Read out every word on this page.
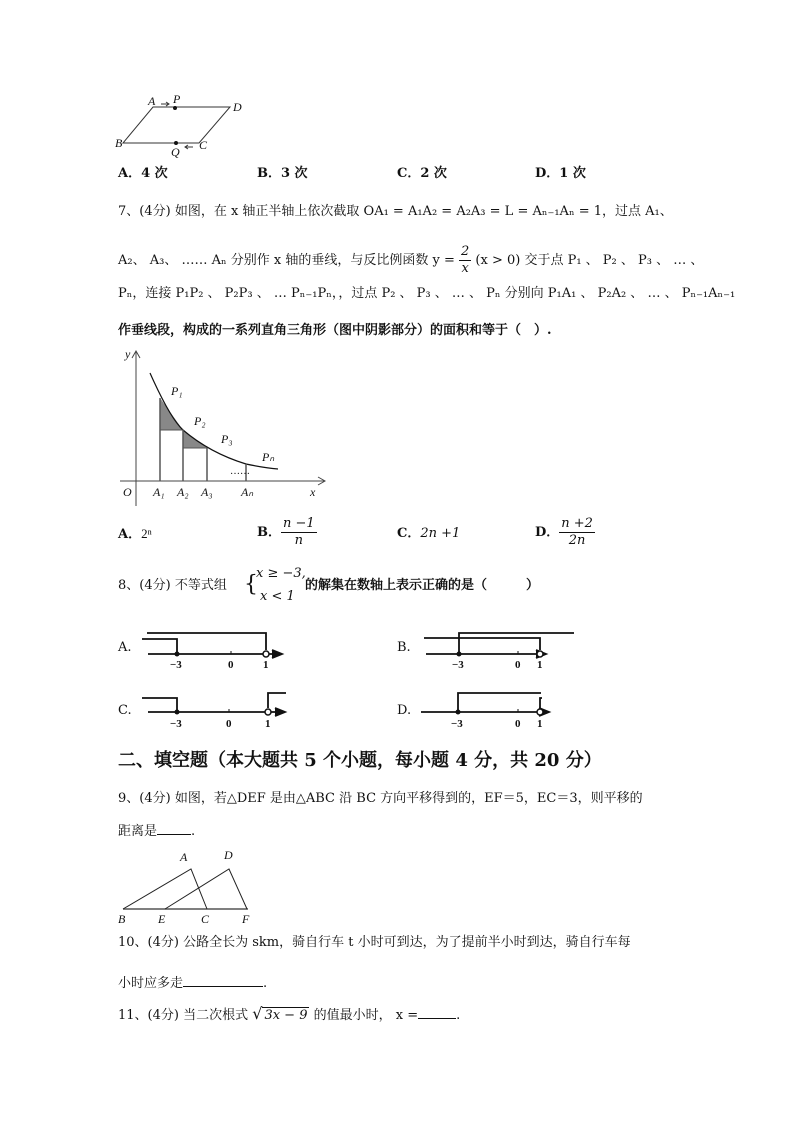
A P
D
B
Q C
A．4 次	B．3 次	C．2 次	D．1 次
7、(4分) 如图，在 x 轴正半轴上依次截取 OA₁ = A₁A₂ = A₂A₃ = L = Aₙ₋₁Aₙ = 1，过点 A₁、
A₂、 A₃、 …… Aₙ 分别作 x 轴的垂线，与反比例函数 $y = \frac{2}{x} (x > 0)$ 交于点 P₁ 、 P₂ 、 P₃ 、 … 、
Pₙ，连接 P₁P₂ 、 P₂P₃ 、 … Pₙ₋₁Pₙ，，过点 P₂ 、 P₃ 、 … 、 Pₙ 分别向 P₁A₁ 、 P₂A₂ 、 … 、 Pₙ₋₁Aₙ₋₁
作垂线段，构成的一系列直角三角形（图中阴影部分）的面积和等于（　）.
y
x
O
P₁
P₂
P₃
Pₙ
……
A₁ A₂ A₃ Aₙ
A．2ⁿ	B． $\frac{n -1}{n}$	C．2n +1	D． $\frac{n +2}{2n}$
8、(4分) 不等式组 {
x ≥ −3,
x < 1
的解集在数轴上表示正确的是（　　　）
A.
−3	0	1
B.
−3	0 1
C.
−3	0	1
D.
−3	0 1
二、填空题（本大题共 5 个小题，每小题 4 分，共 20 分）
9、(4分) 如图，若△DEF 是由△ABC 沿 BC 方向平移得到的，EF＝5，EC＝3，则平移的
距离是	.
A	D
B	E	C	F
10、(4分) 公路全长为 skm，骑自行车 t 小时可到达，为了提前半小时到达，骑自行车每
小时应多走	.
11、(4分) 当二次根式 √ 3x − 9 的值最小时， x =	.
